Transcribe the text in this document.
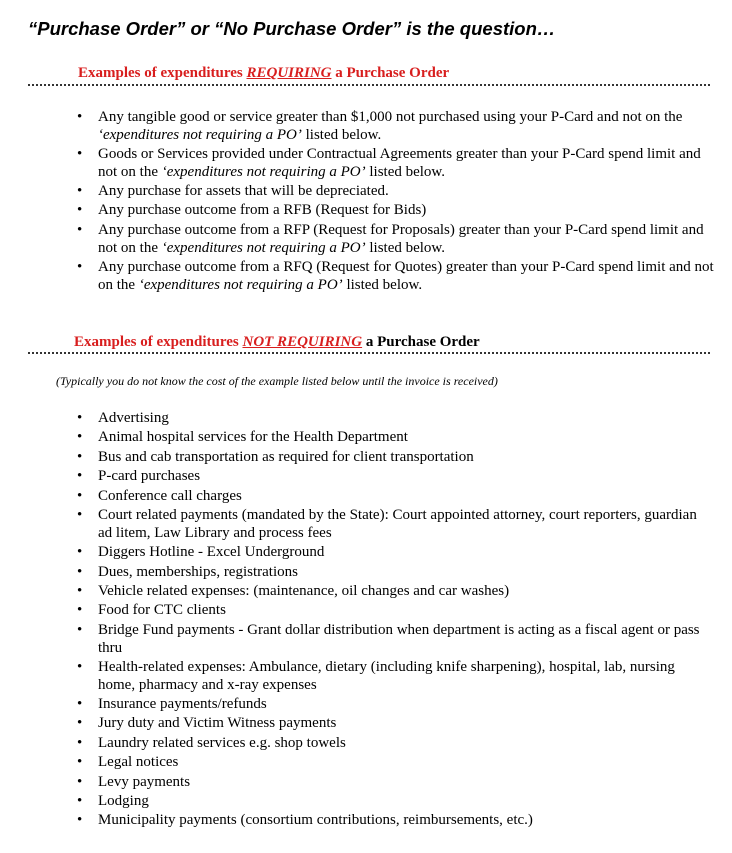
“Purchase Order” or “No Purchase Order” is the question…
Examples of expenditures REQUIRING a Purchase Order
• Any tangible good or service greater than $1,000 not purchased using your P-Card and not on the ‘expenditures not requiring a PO’ listed below.
• Goods or Services provided under Contractual Agreements greater than your P-Card spend limit and not on the ‘expenditures not requiring a PO’ listed below.
• Any purchase for assets that will be depreciated.
• Any purchase outcome from a RFB (Request for Bids)
• Any purchase outcome from a RFP (Request for Proposals) greater than your P-Card spend limit and not on the ‘expenditures not requiring a PO’ listed below.
• Any purchase outcome from a RFQ (Request for Quotes) greater than your P-Card spend limit and not on the ‘expenditures not requiring a PO’ listed below.
Examples of expenditures NOT REQUIRING a Purchase Order
(Typically you do not know the cost of the example listed below until the invoice is received)
• Advertising
• Animal hospital services for the Health Department
• Bus and cab transportation as required for client transportation
• P-card purchases
• Conference call charges
• Court related payments (mandated by the State): Court appointed attorney, court reporters, guardian ad litem, Law Library and process fees
• Diggers Hotline - Excel Underground
• Dues, memberships, registrations
• Vehicle related expenses: (maintenance, oil changes and car washes)
• Food for CTC clients
• Bridge Fund payments - Grant dollar distribution when department is acting as a fiscal agent or pass thru
• Health-related expenses: Ambulance, dietary (including knife sharpening), hospital, lab, nursing home, pharmacy and x-ray expenses
• Insurance payments/refunds
• Jury duty and Victim Witness payments
• Laundry related services e.g. shop towels
• Legal notices
• Levy payments
• Lodging
• Municipality payments (consortium contributions, reimbursements, etc.)
